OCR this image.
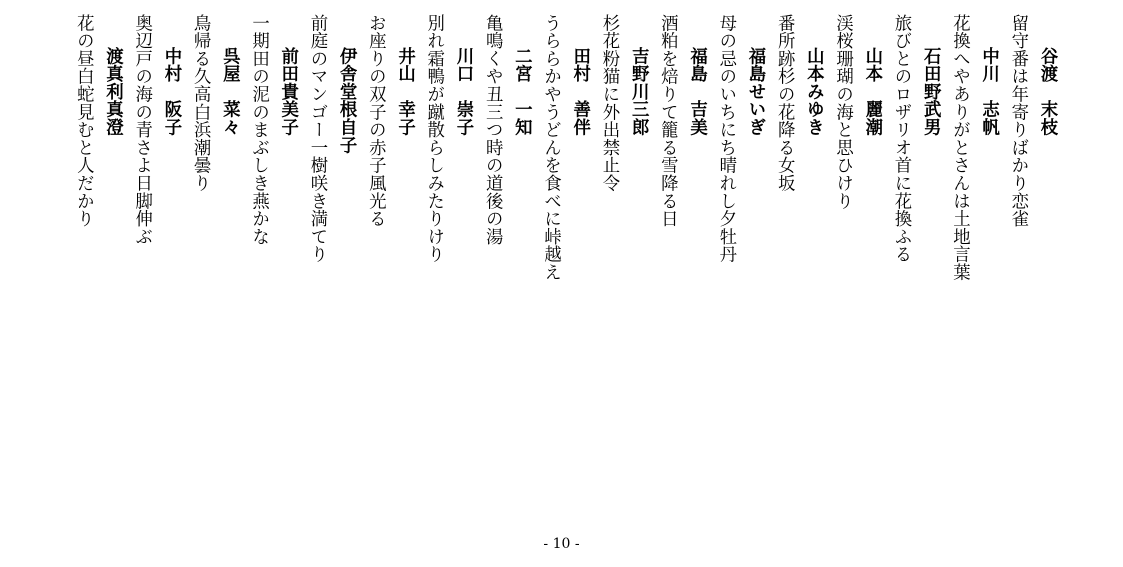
谷渡　末枝
留守番は年寄りばかり恋雀
中川　志帆
花換へやありがとさんは土地言葉
石田野武男
旅びとのロザリオ首に花換ふる
山本　麗潮
渓桜珊瑚の海と思ひけり
山本みゆき
番所跡杉の花降る女坂
福島せいぎ
母の忌のいちにち晴れし夕牡丹
福島　吉美
酒粕を焙りて籠る雪降る日
吉野川三郎
杉花粉猫に外出禁止令
田村　善伴
うららかやうどんを食べに峠越え
二宮　一知
亀鳴くや丑三つ時の道後の湯
川口　崇子
別れ霜鴨が蹴散らしみたりけり
井山　幸子
お座りの双子の赤子風光る
伊舎堂根自子
前庭のマンゴー一樹咲き満てり
前田貴美子
一期田の泥のまぶしき燕かな
呉屋　菜々
鳥帰る久高白浜潮曇り
中村　阪子
奥辺戸の海の青さよ日脚伸ぶ
渡真利真澄
花の昼白蛇見むと人だかり
- 10 -
